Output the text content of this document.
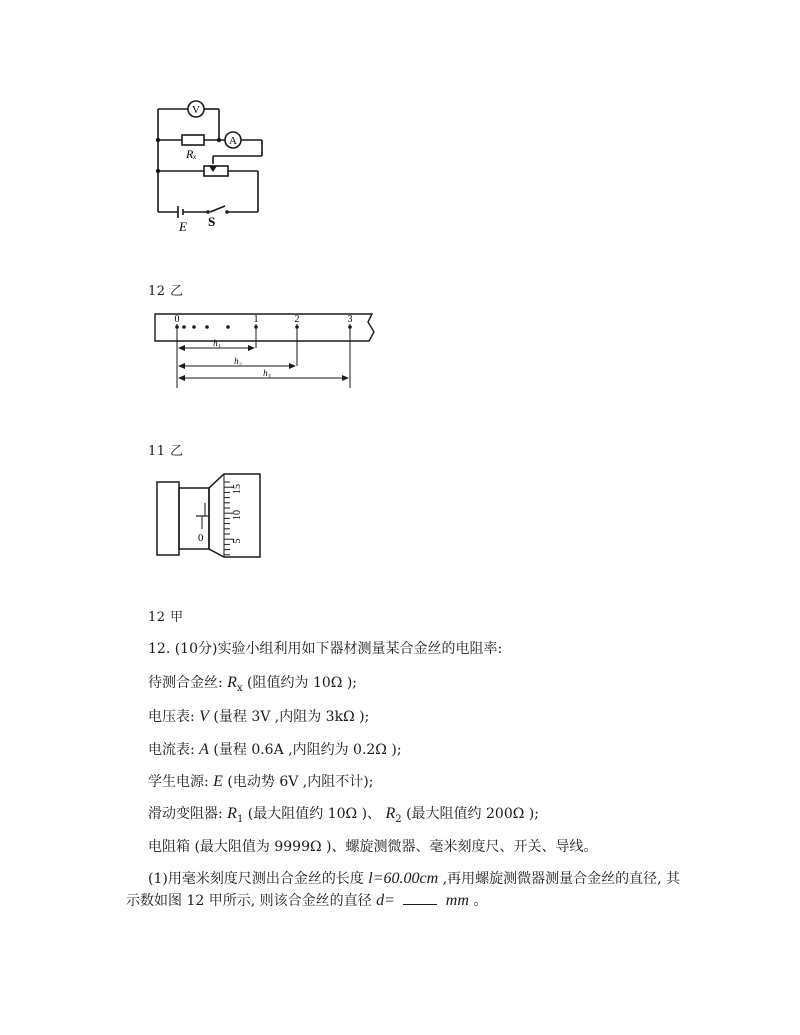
V
A
Rₓ
E S
12 乙
0	1	2	3
h₁
h₂
h₃
11 乙
0
15
10
5
12 甲
12. (10分)实验小组利用如下器材测量某合金丝的电阻率:
待测合金丝: $R_x$ (阻值约为 10Ω );
电压表: V (量程 3V ,内阻为 3kΩ );
电流表: A (量程 0.6A ,内阻约为 0.2Ω );
学生电源: E (电动势 6V ,内阻不计);
滑动变阻器: $R_1$ (最大阻值约 10Ω )、 $R_2$ (最大阻值约 200Ω );
电阻箱 (最大阻值为 9999Ω )、螺旋测微器、毫米刻度尺、开关、导线。
(1)用毫米刻度尺测出合金丝的长度 l=60.00cm ,再用螺旋测微器测量合金丝的直径, 其
示数如图 12 甲所示, 则该合金丝的直径 d=	mm 。
